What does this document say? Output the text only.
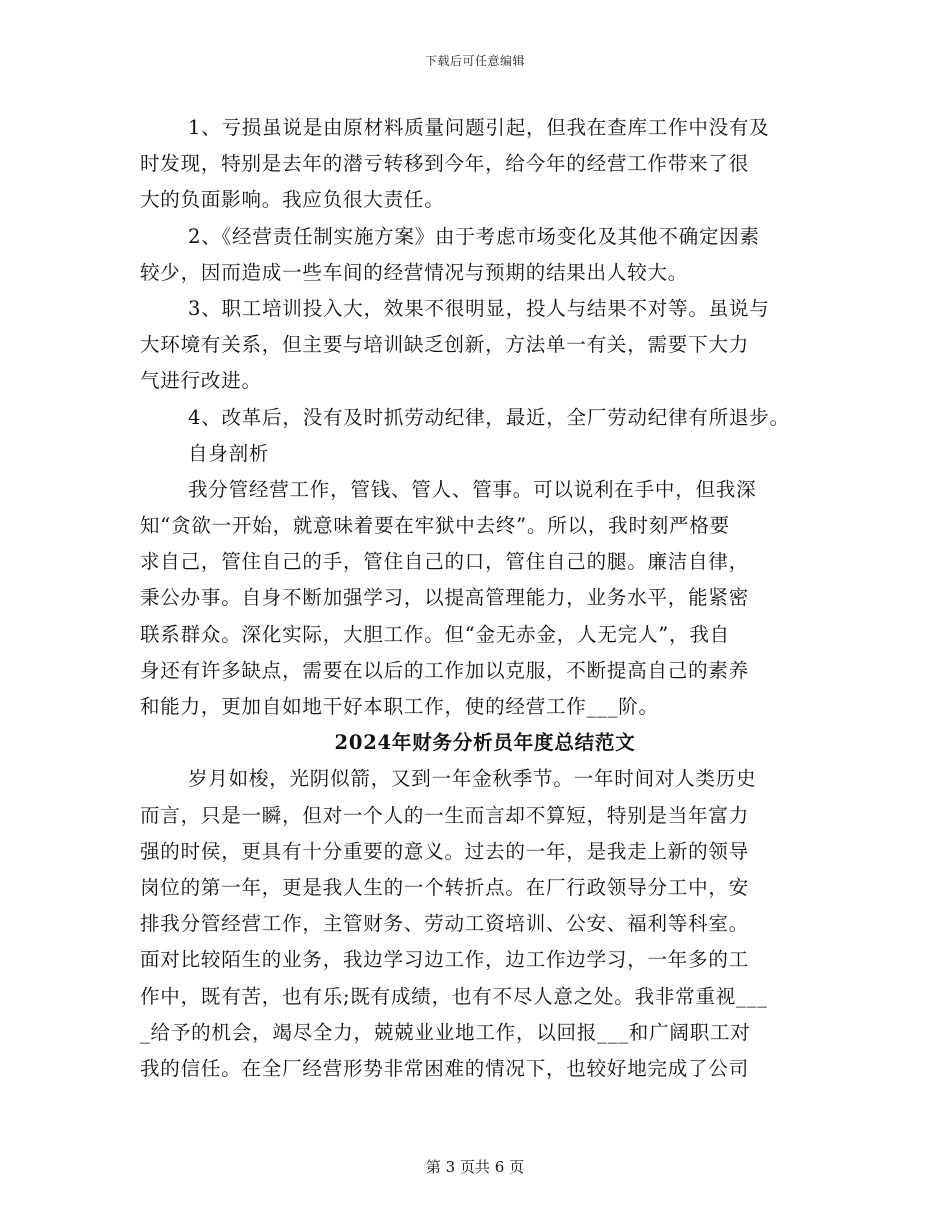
下载后可任意编辑
1、亏损虽说是由原材料质量问题引起，但我在查库工作中没有及
时发现，特别是去年的潜亏转移到今年，给今年的经营工作带来了很
大的负面影响。我应负很大责任。
2、《经营责任制实施方案》由于考虑市场变化及其他不确定因素
较少，因而造成一些车间的经营情况与预期的结果出人较大。
3、职工培训投入大，效果不很明显，投人与结果不对等。虽说与
大环境有关系，但主要与培训缺乏创新，方法单一有关，需要下大力
气进行改进。
4、改革后，没有及时抓劳动纪律，最近，全厂劳动纪律有所退步。
自身剖析
我分管经营工作，管钱、管人、管事。可以说利在手中，但我深
知“贪欲一开始，就意味着要在牢狱中去终”。所以，我时刻严格要
求自己，管住自己的手，管住自己的口，管住自己的腿。廉洁自律，
秉公办事。自身不断加强学习，以提高管理能力，业务水平，能紧密
联系群众。深化实际，大胆工作。但“金无赤金，人无完人”，我自
身还有许多缺点，需要在以后的工作加以克服，不断提高自己的素养
和能力，更加自如地干好本职工作，使的经营工作___阶。
2024年财务分析员年度总结范文
岁月如梭，光阴似箭，又到一年金秋季节。一年时间对人类历史
而言，只是一瞬，但对一个人的一生而言却不算短，特别是当年富力
强的时侯，更具有十分重要的意义。过去的一年，是我走上新的领导
岗位的第一年，更是我人生的一个转折点。在厂行政领导分工中，安
排我分管经营工作，主管财务、劳动工资培训、公安、福利等科室。
面对比较陌生的业务，我边学习边工作，边工作边学习，一年多的工
作中，既有苦，也有乐;既有成绩，也有不尽人意之处。我非常重视___
_给予的机会，竭尽全力，兢兢业业地工作，以回报___和广阔职工对
我的信任。在全厂经营形势非常困难的情况下，也较好地完成了公司
第 3 页共 6 页
